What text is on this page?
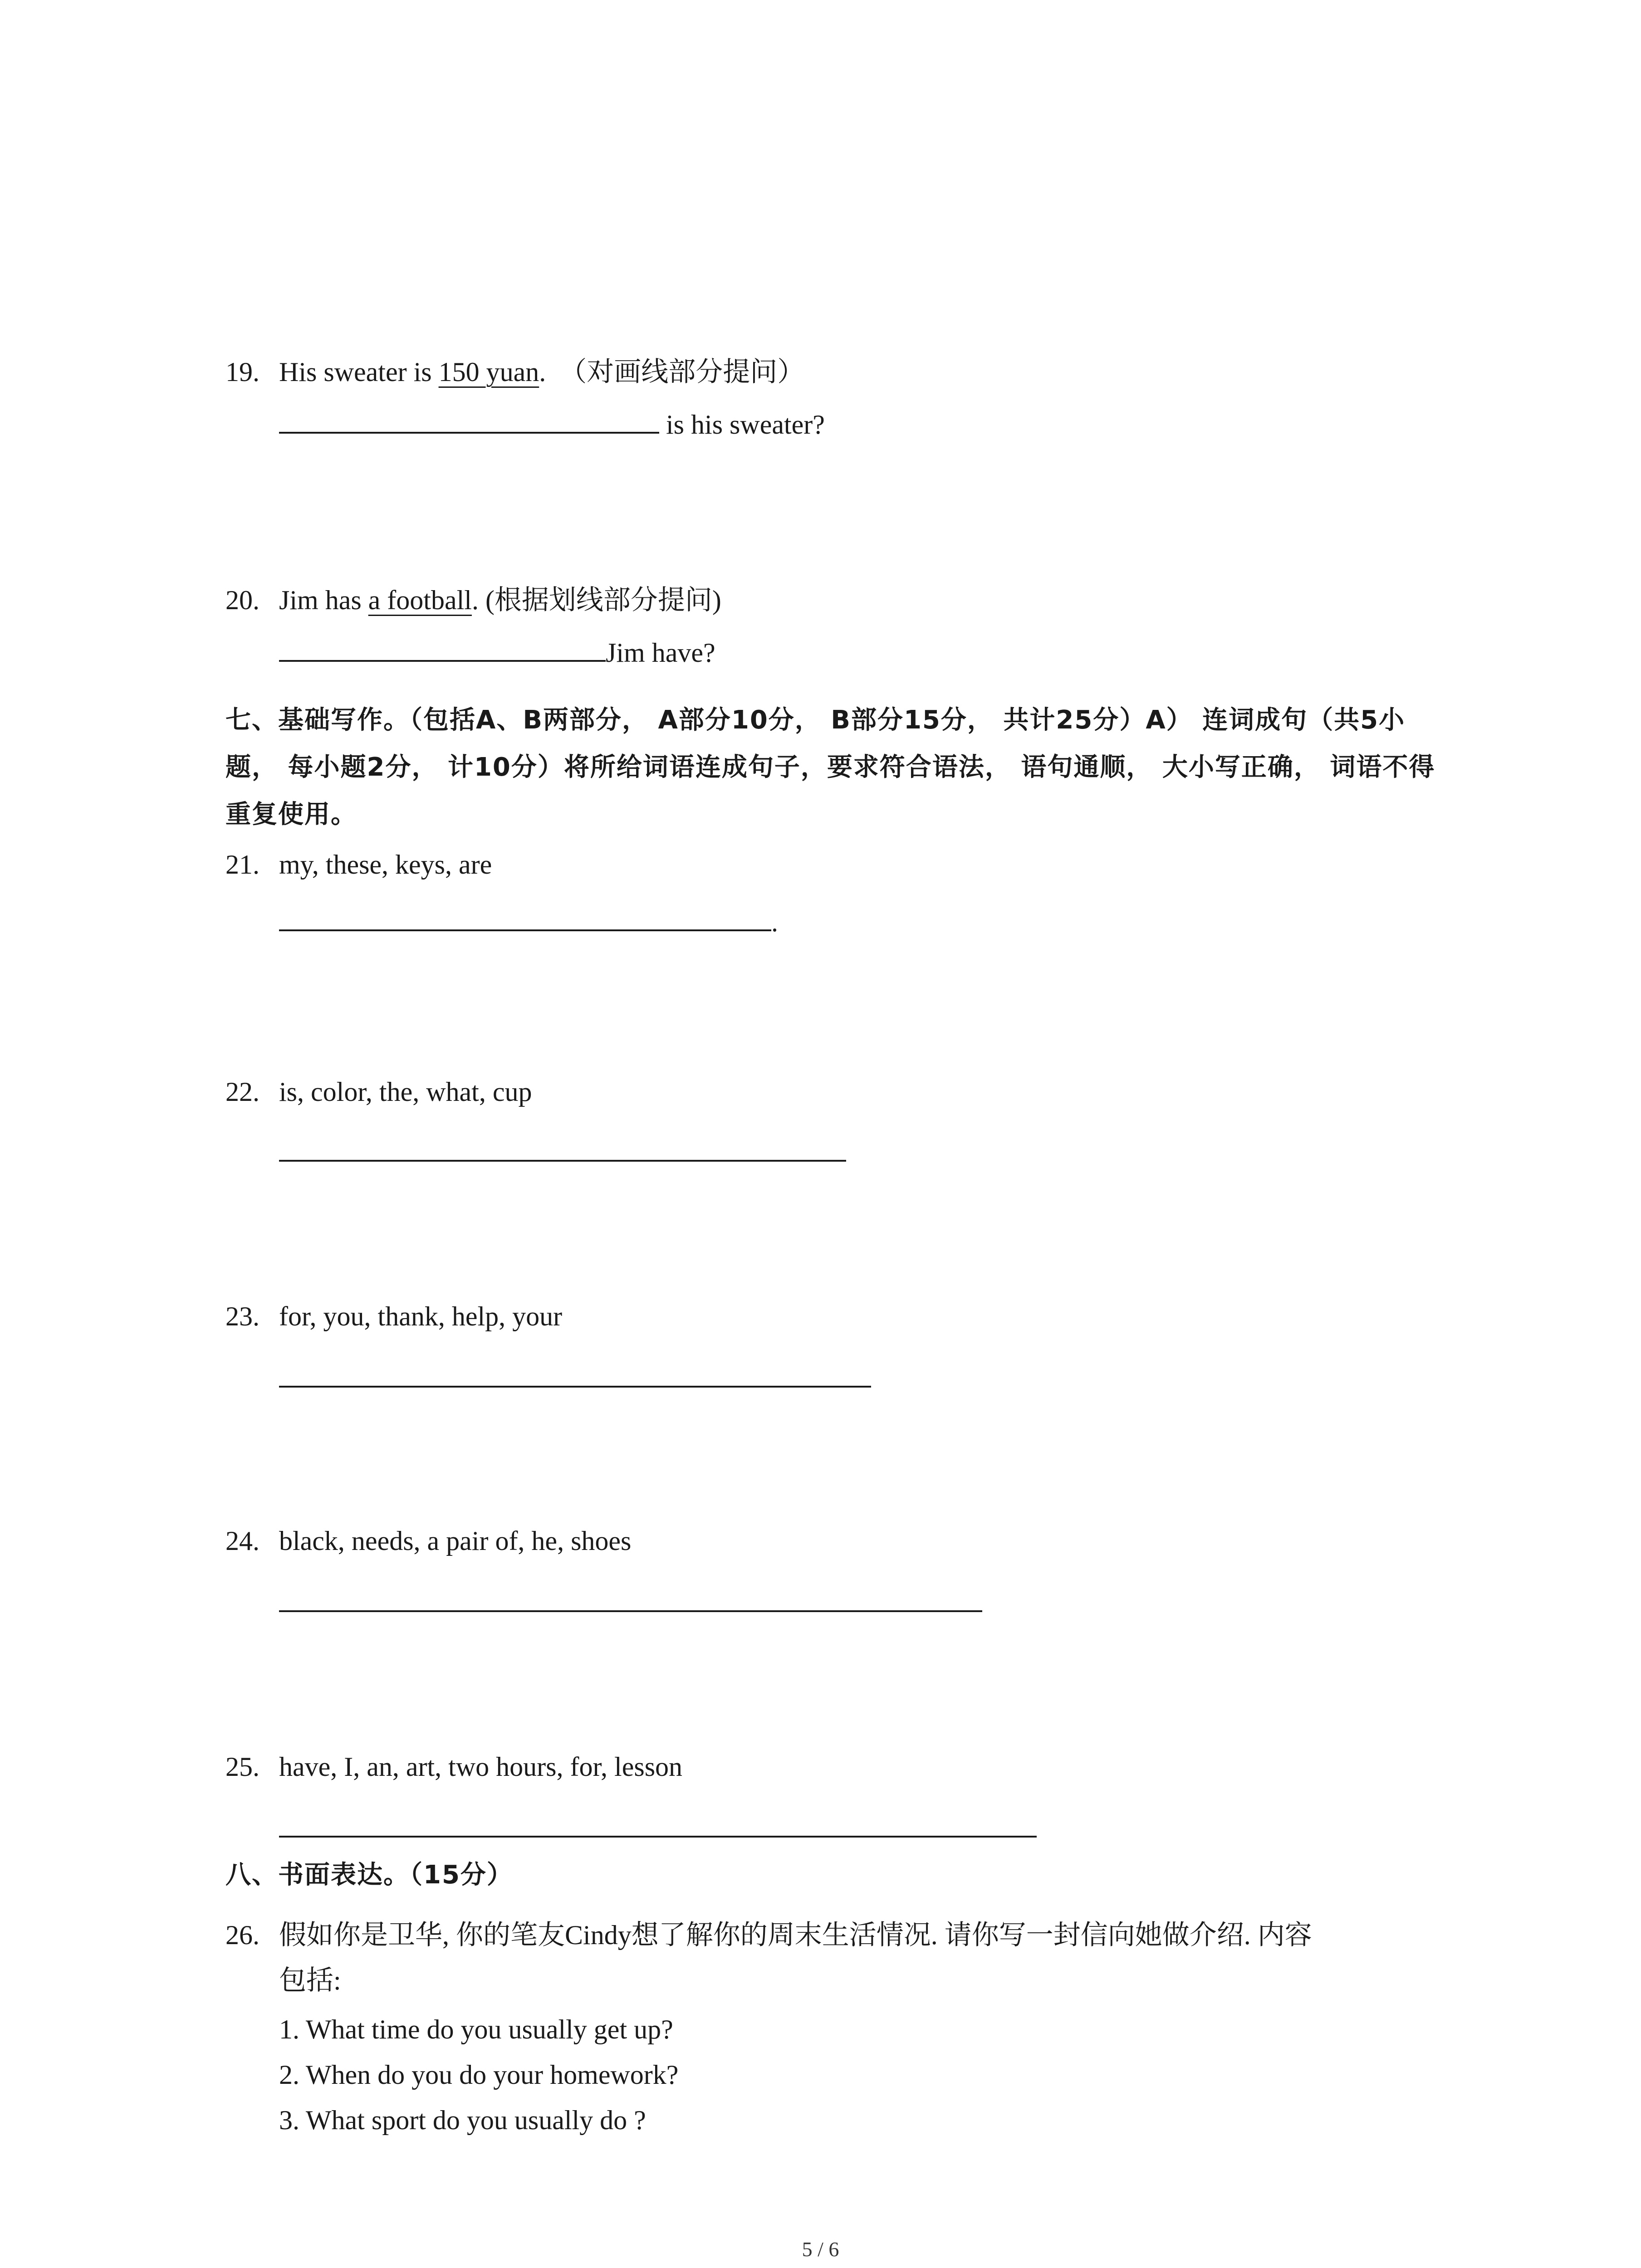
19. His sweater is 150 yuan.  （对画线部分提问）
is his sweater?
20. Jim has a football. (根据划线部分提问)
Jim have?
七、基础写作。（包括A、B两部分， A部分10分， B部分15分， 共计25分）A） 连词成句（共5小题， 每小题2分， 计10分）将所给词语连成句子，要求符合语法， 语句通顺， 大小写正确， 词语不得重复使用。
21. my, these, keys, are
.
22. is, color, the, what, cup
23. for, you, thank, help, your
24. black, needs, a pair of, he, shoes
25. have, I, an, art, two hours, for, lesson
八、书面表达。（15分）
26. 假如你是卫华, 你的笔友Cindy想了解你的周末生活情况. 请你写一封信向她做介绍. 内容
包括:
1. What time do you usually get up?
2. When do you do your homework?
3. What sport do you usually do ?
5 / 6
